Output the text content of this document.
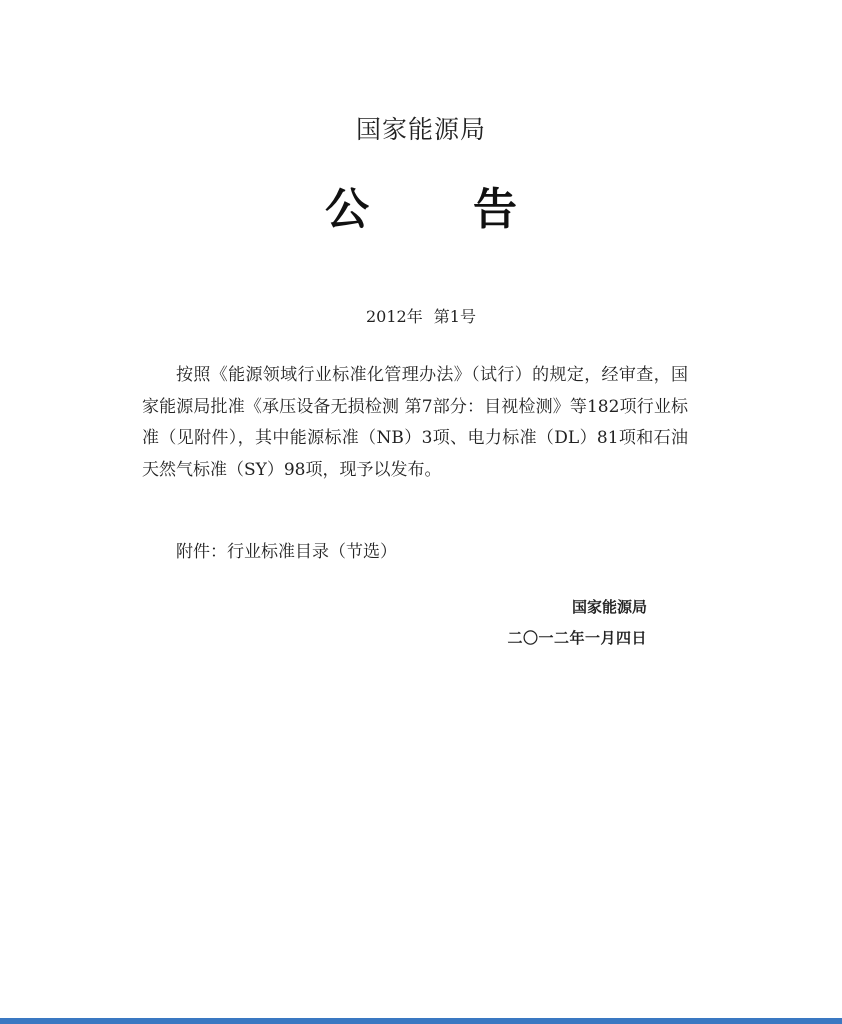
国家能源局
公 告
2012年 第1号
按照《能源领域行业标准化管理办法》（试行）的规定，经审查，国家能源局批准《承压设备无损检测 第7部分：目视检测》等182项行业标准（见附件），其中能源标准（NB）3项、电力标准（DL）81项和石油天然气标准（SY）98项，现予以发布。
附件：行业标准目录（节选）
国家能源局
二〇一二年一月四日
